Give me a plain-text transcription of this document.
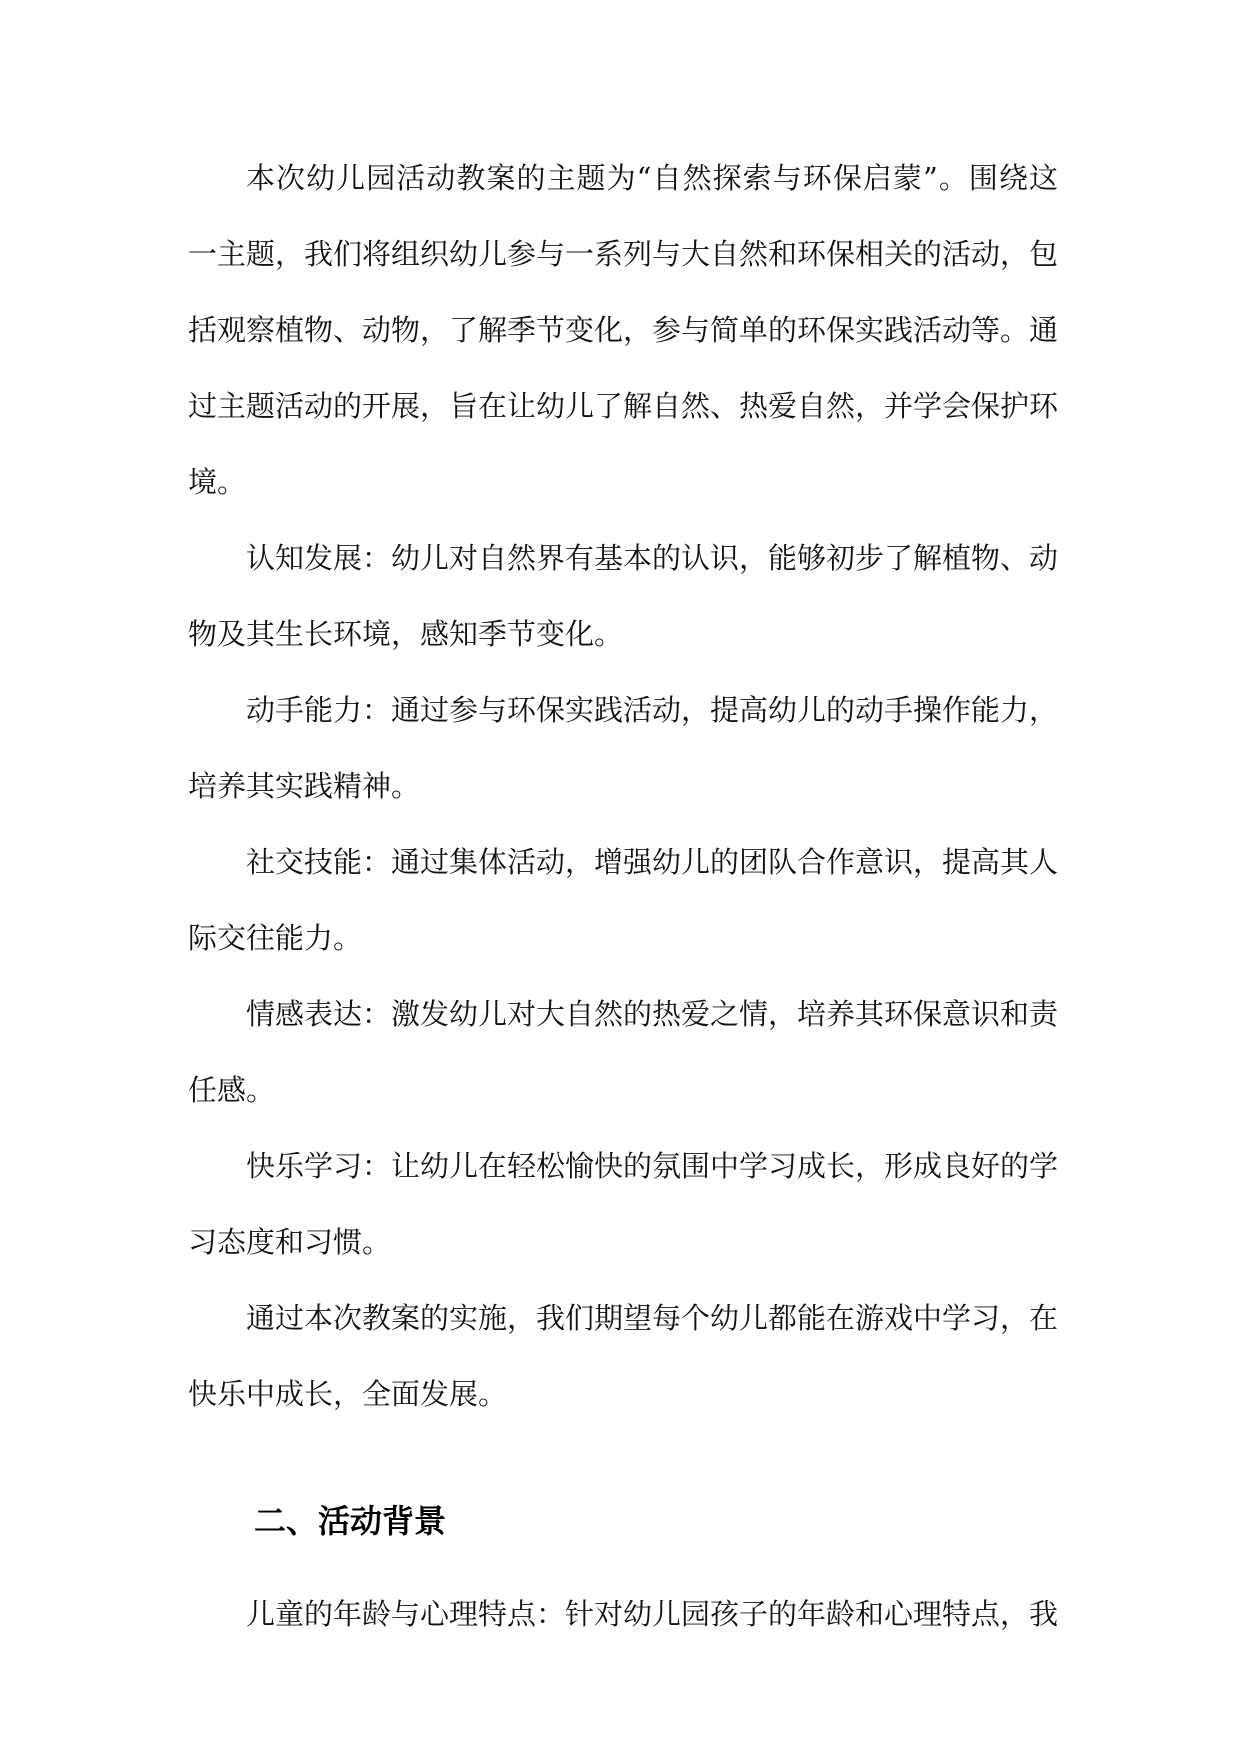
本次幼儿园活动教案的主题为“自然探索与环保启蒙”。围绕这一主题，我们将组织幼儿参与一系列与大自然和环保相关的活动，包括观察植物、动物，了解季节变化，参与简单的环保实践活动等。通过主题活动的开展，旨在让幼儿了解自然、热爱自然，并学会保护环境。

认知发展：幼儿对自然界有基本的认识，能够初步了解植物、动物及其生长环境，感知季节变化。

动手能力：通过参与环保实践活动，提高幼儿的动手操作能力，培养其实践精神。

社交技能：通过集体活动，增强幼儿的团队合作意识，提高其人际交往能力。

情感表达：激发幼儿对大自然的热爱之情，培养其环保意识和责任感。

快乐学习：让幼儿在轻松愉快的氛围中学习成长，形成良好的学习态度和习惯。

通过本次教案的实施，我们期望每个幼儿都能在游戏中学习，在快乐中成长，全面发展。

二、活动背景

儿童的年龄与心理特点：针对幼儿园孩子的年龄和心理特点，我
